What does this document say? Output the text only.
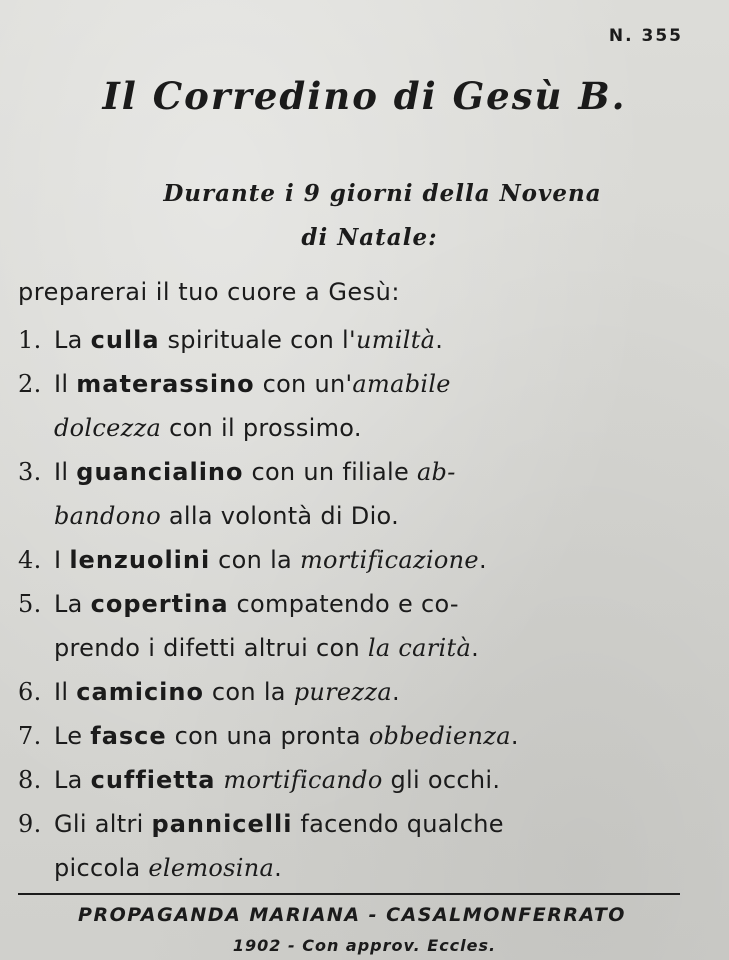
N. 355
Il Corredino di Gesù B.
Durante i 9 giorni della Novena
di Natale:
preparerai il tuo cuore a Gesù:
1. La culla spirituale con l'umiltà.
2. Il materassino con un'amabile
dolcezza con il prossimo.
3. Il guancialino con un filiale ab-
bandono alla volontà di Dio.
4. I lenzuolini con la mortificazione.
5. La copertina compatendo e co-
prendo i difetti altrui con la carità.
6. Il camicino con la purezza.
7. Le fasce con una pronta obbedienza.
8. La cuffietta mortificando gli occhi.
9. Gli altri pannicelli facendo qualche
piccola elemosina.
PROPAGANDA MARIANA - CASALMONFERRATO
1902 - Con approv. Eccles.
